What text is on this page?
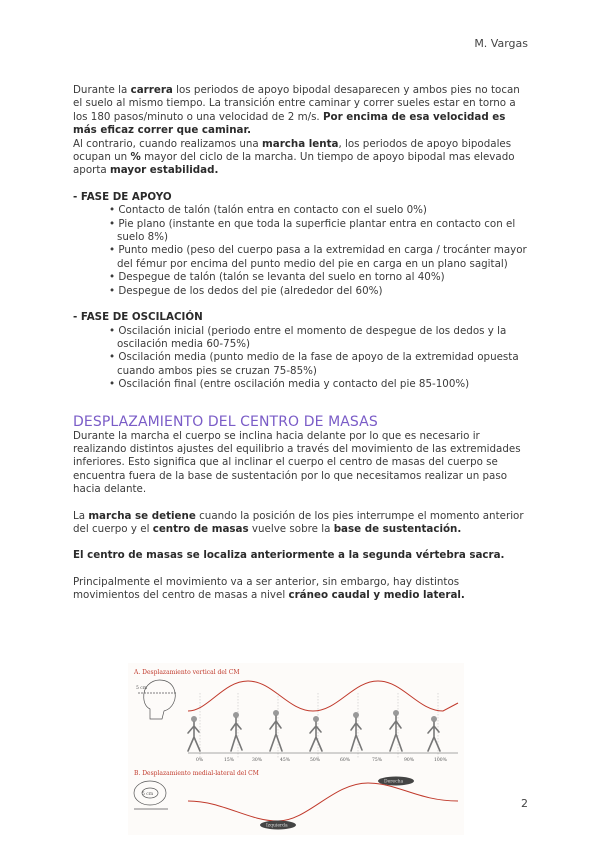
M. Vargas

Durante la carrera los periodos de apoyo bipodal desaparecen y ambos pies no tocan el suelo al mismo tiempo. La transición entre caminar y correr sueles estar en torno a los 180 pasos/minuto o una velocidad de 2 m/s. Por encima de esa velocidad es más eficaz correr que caminar.

Al contrario, cuando realizamos una marcha lenta, los periodos de apoyo bipodales ocupan un % mayor del ciclo de la marcha. Un tiempo de apoyo bipodal mas elevado aporta mayor estabilidad.

- FASE DE APOYO

• Contacto de talón (talón entra en contacto con el suelo 0%)
• Pie plano (instante en que toda la superficie plantar entra en contacto con el suelo 8%)
• Punto medio (peso del cuerpo pasa a la extremidad en carga / trocánter mayor del fémur por encima del punto medio del pie en carga en un plano sagital)
• Despegue de talón (talón se levanta del suelo en torno al 40%)
• Despegue de los dedos del pie (alrededor del 60%)

- FASE DE OSCILACIÓN

• Oscilación inicial (periodo entre el momento de despegue de los dedos y la oscilación media 60-75%)
• Oscilación media (punto medio de la fase de apoyo de la extremidad opuesta cuando ambos pies se cruzan 75-85%)
• Oscilación final (entre oscilación media y contacto del pie 85-100%)
DESPLAZAMIENTO DEL CENTRO DE MASAS

Durante la marcha el cuerpo se inclina hacia delante por lo que es necesario ir realizando distintos ajustes del equilibrio a través del movimiento de las extremidades inferiores. Esto significa que al inclinar el cuerpo el centro de masas del cuerpo se encuentra fuera de la base de sustentación por lo que necesitamos realizar un paso hacia delante.

La marcha se detiene cuando la posición de los pies interrumpe el momento anterior del cuerpo y el centro de masas vuelve sobre la base de sustentación.

El centro de masas se localiza anteriormente a la segunda vértebra sacra.

Principalmente el movimiento va a ser anterior, sin embargo, hay distintos movimientos del centro de masas a nivel cráneo caudal y medio lateral.

A. Desplazamiento vertical del CM
B. Desplazamiento medial-lateral del CM
5 cm
5 cm
0%	15%	30%	45%	50%	60%	75%	90%	100%
Derecha
Izquierda
2
